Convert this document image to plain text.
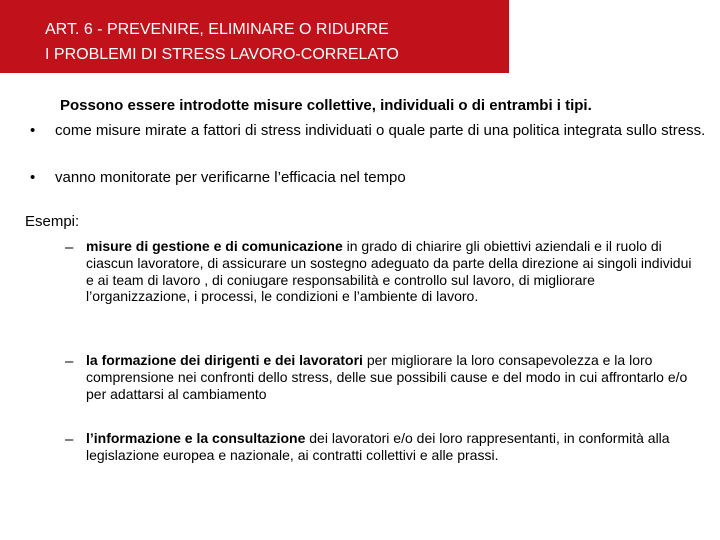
ART. 6 - PREVENIRE, ELIMINARE O RIDURRE
I PROBLEMI DI STRESS LAVORO-CORRELATO
Possono essere introdotte misure collettive, individuali o di entrambi i tipi.
• come misure mirate a fattori di stress individuati o quale parte di una politica integrata sullo stress.
• vanno monitorate per verificarne l’efficacia nel tempo
Esempi:
– misure di gestione e di comunicazione in grado di chiarire gli obiettivi aziendali e il ruolo di ciascun lavoratore, di assicurare un sostegno adeguato da parte della direzione ai singoli individui e ai team di lavoro , di coniugare responsabilità e controllo sul lavoro, di migliorare l’organizzazione, i processi, le condizioni e l’ambiente di lavoro.
– la formazione dei dirigenti e dei lavoratori per migliorare la loro consapevolezza e la loro comprensione nei confronti dello stress, delle sue possibili cause e del modo in cui affrontarlo e/o per adattarsi al cambiamento
– l’informazione e la consultazione dei lavoratori e/o dei loro rappresentanti, in conformità alla legislazione europea e nazionale, ai contratti collettivi e alle prassi.
